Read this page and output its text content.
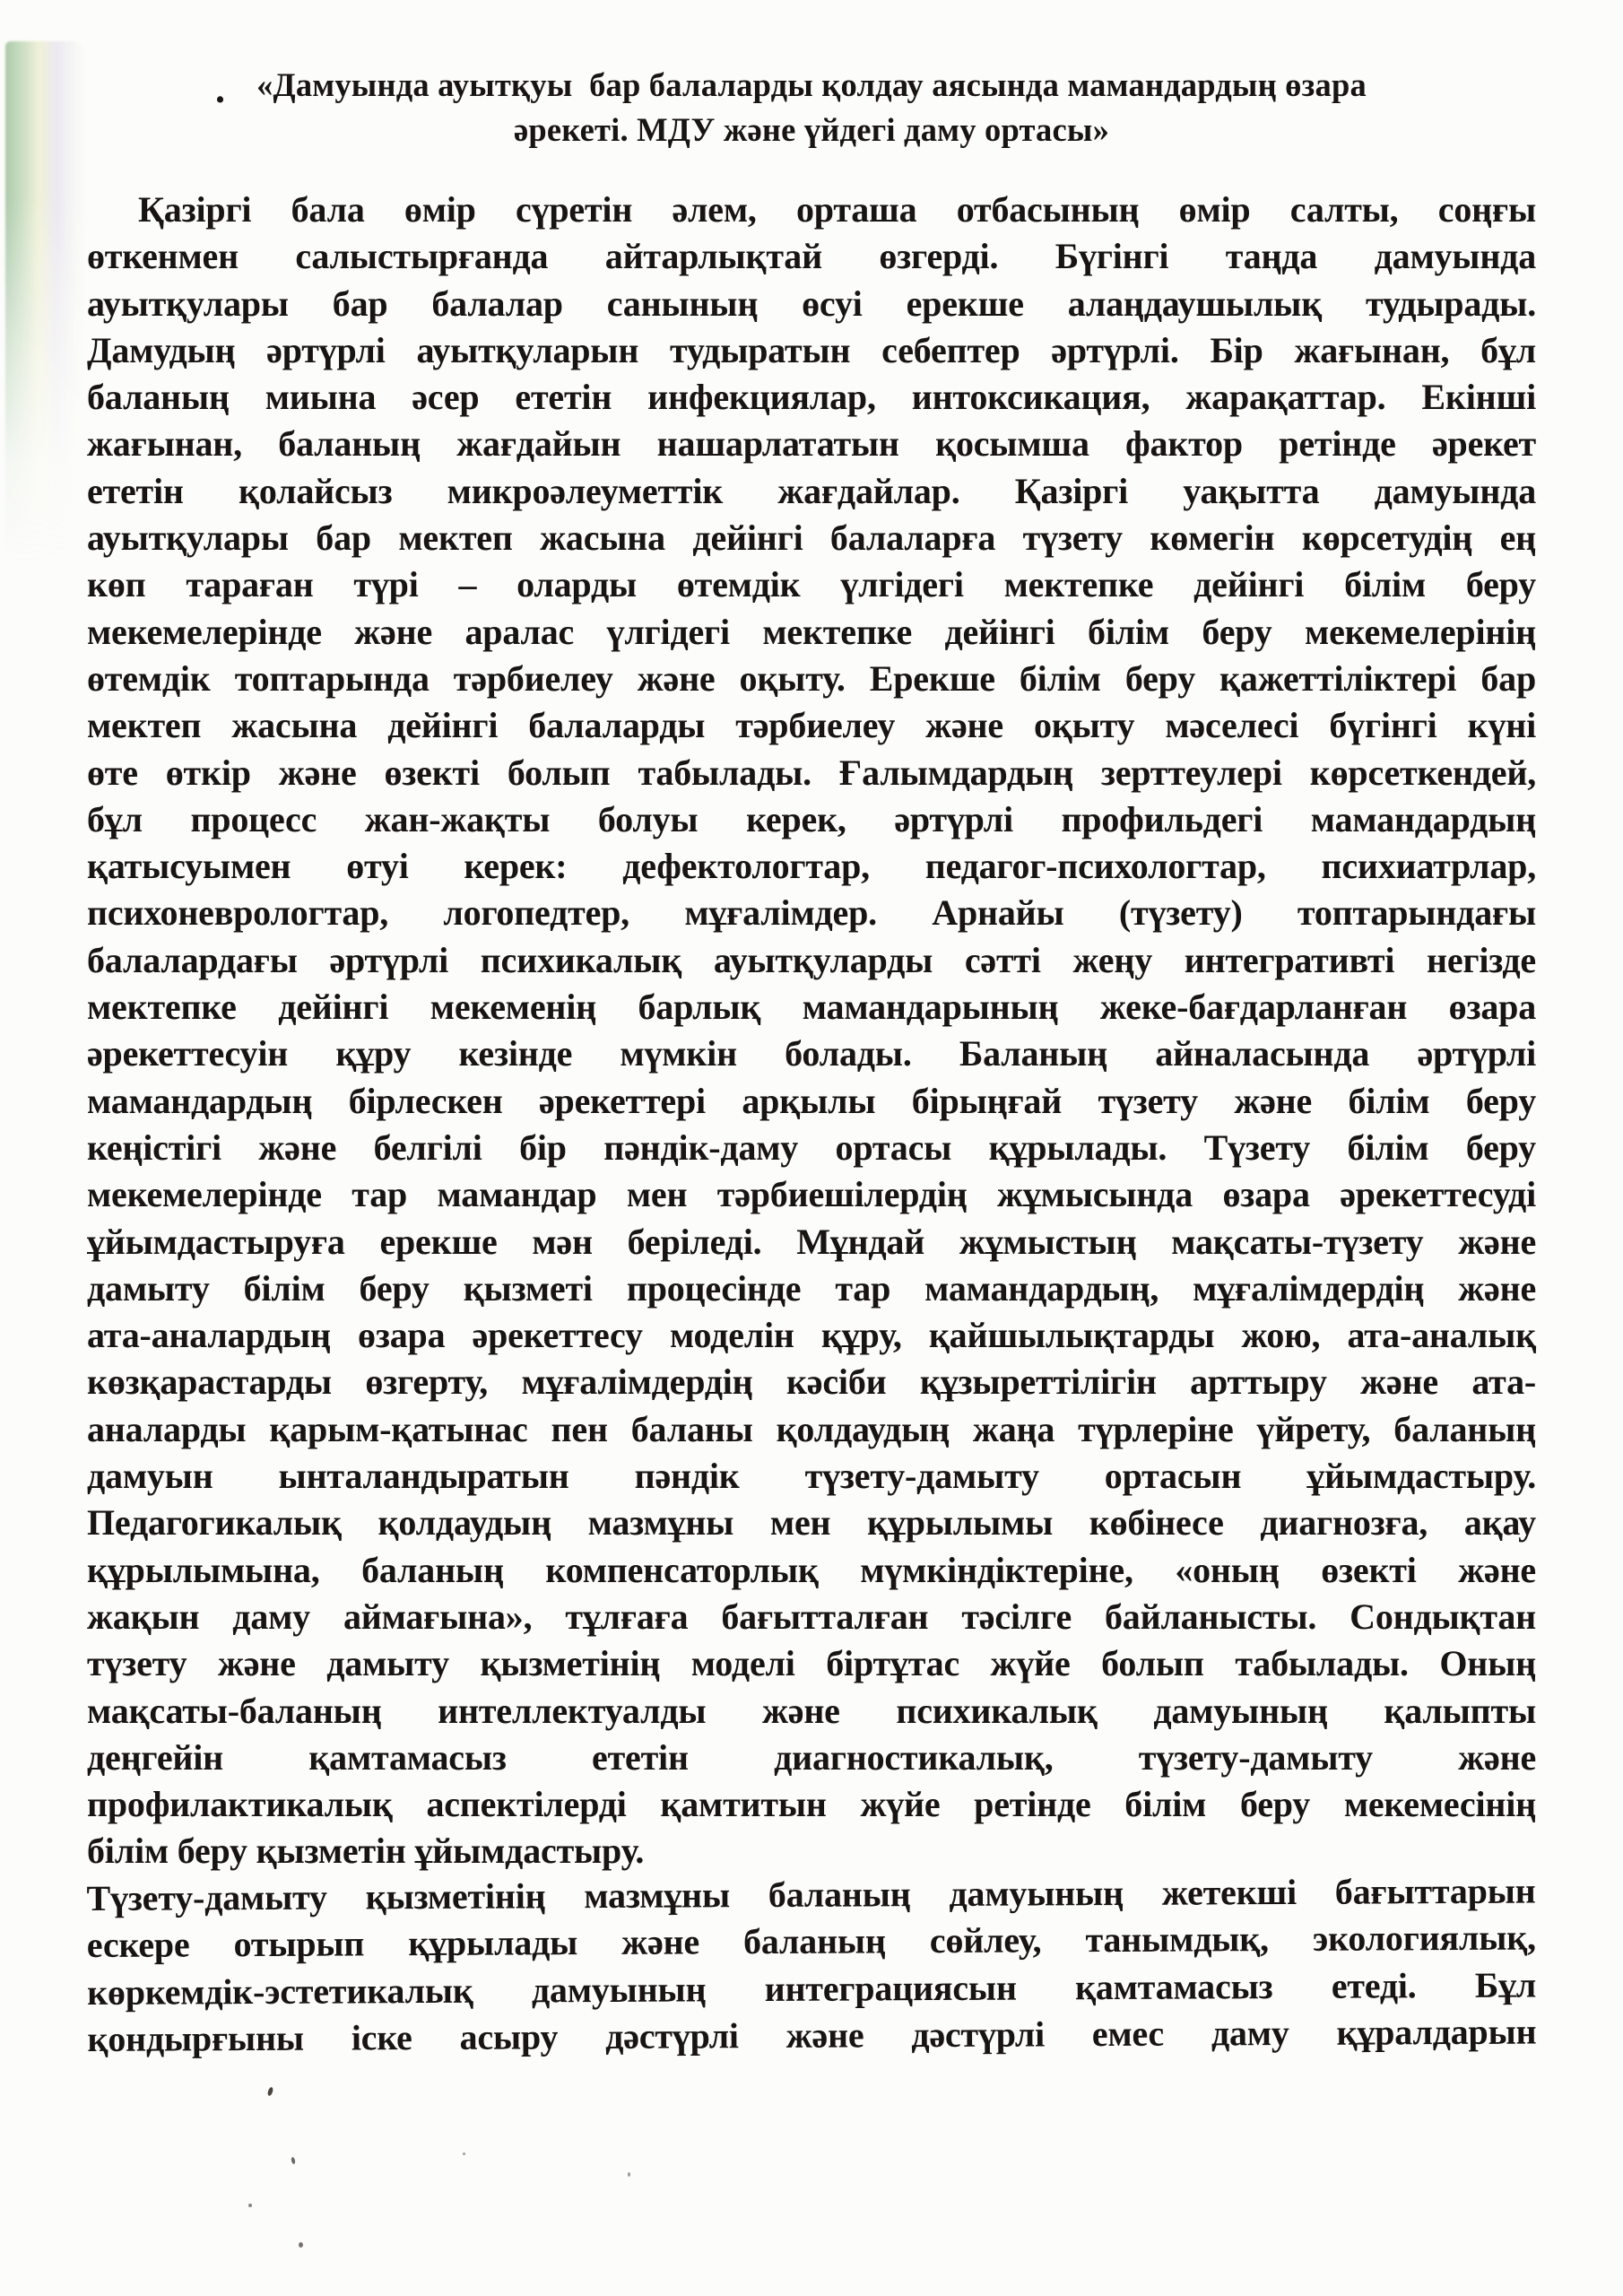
. «Дамуында ауытқуы  бар балаларды қолдау аясында мамандардың өзара
әрекеті. МДУ және үйдегі даму ортасы»
Қазіргі бала өмір сүретін әлем, орташа отбасының өмір салты, соңғы
өткенмен салыстырғанда айтарлықтай өзгерді. Бүгінгі таңда дамуында
ауытқулары бар балалар санының өсуі ерекше алаңдаушылық тудырады.
Дамудың әртүрлі ауытқуларын тудыратын себептер әртүрлі. Бір жағынан, бұл
баланың миына әсер ететін инфекциялар, интоксикация, жарақаттар. Екінші
жағынан, баланың жағдайын нашарлататын қосымша фактор ретінде әрекет
ететін қолайсыз микроәлеуметтік жағдайлар. Қазіргі уақытта дамуында
ауытқулары бар мектеп жасына дейінгі балаларға түзету көмегін көрсетудің ең
көп тараған түрі – оларды өтемдік үлгідегі мектепке дейінгі білім беру
мекемелерінде және аралас үлгідегі мектепке дейінгі білім беру мекемелерінің
өтемдік топтарында тәрбиелеу және оқыту. Ерекше білім беру қажеттіліктері бар
мектеп жасына дейінгі балаларды тәрбиелеу және оқыту мәселесі бүгінгі күні
өте өткір және өзекті болып табылады. Ғалымдардың зерттеулері көрсеткендей,
бұл процесс жан-жақты болуы керек, әртүрлі профильдегі мамандардың
қатысуымен өтуі керек: дефектологтар, педагог-психологтар, психиатрлар,
психоневрологтар, логопедтер, мұғалімдер. Арнайы (түзету) топтарындағы
балалардағы әртүрлі психикалық ауытқуларды сәтті жеңу интегративті негізде
мектепке дейінгі мекеменің барлық мамандарының жеке-бағдарланған өзара
әрекеттесуін құру кезінде мүмкін болады. Баланың айналасында әртүрлі
мамандардың бірлескен әрекеттері арқылы бірыңғай түзету және білім беру
кеңістігі және белгілі бір пәндік-даму ортасы құрылады. Түзету білім беру
мекемелерінде тар мамандар мен тәрбиешілердің жұмысында өзара әрекеттесуді
ұйымдастыруға ерекше мән беріледі. Мұндай жұмыстың мақсаты-түзету және
дамыту білім беру қызметі процесінде тар мамандардың, мұғалімдердің және
ата-аналардың өзара әрекеттесу моделін құру, қайшылықтарды жою, ата-аналық
көзқарастарды өзгерту, мұғалімдердің кәсіби құзыреттілігін арттыру және ата-
аналарды қарым-қатынас пен баланы қолдаудың жаңа түрлеріне үйрету, баланың
дамуын ынталандыратын пәндік түзету-дамыту ортасын ұйымдастыру.
Педагогикалық қолдаудың мазмұны мен құрылымы көбінесе диагнозға, ақау
құрылымына, баланың компенсаторлық мүмкіндіктеріне, «оның өзекті және
жақын даму аймағына», тұлғаға бағытталған тәсілге байланысты. Сондықтан
түзету және дамыту қызметінің моделі біртұтас жүйе болып табылады. Оның
мақсаты-баланың интеллектуалды және психикалық дамуының қалыпты
деңгейін қамтамасыз ететін диагностикалық, түзету-дамыту және
профилактикалық аспектілерді қамтитын жүйе ретінде білім беру мекемесінің
білім беру қызметін ұйымдастыру.
Түзету-дамыту қызметінің мазмұны баланың дамуының жетекші бағыттарын
ескере отырып құрылады және баланың сөйлеу, танымдық, экологиялық,
көркемдік-эстетикалық дамуының интеграциясын қамтамасыз етеді. Бұл
қондырғыны іске асыру дәстүрлі және дәстүрлі емес даму құралдарын
